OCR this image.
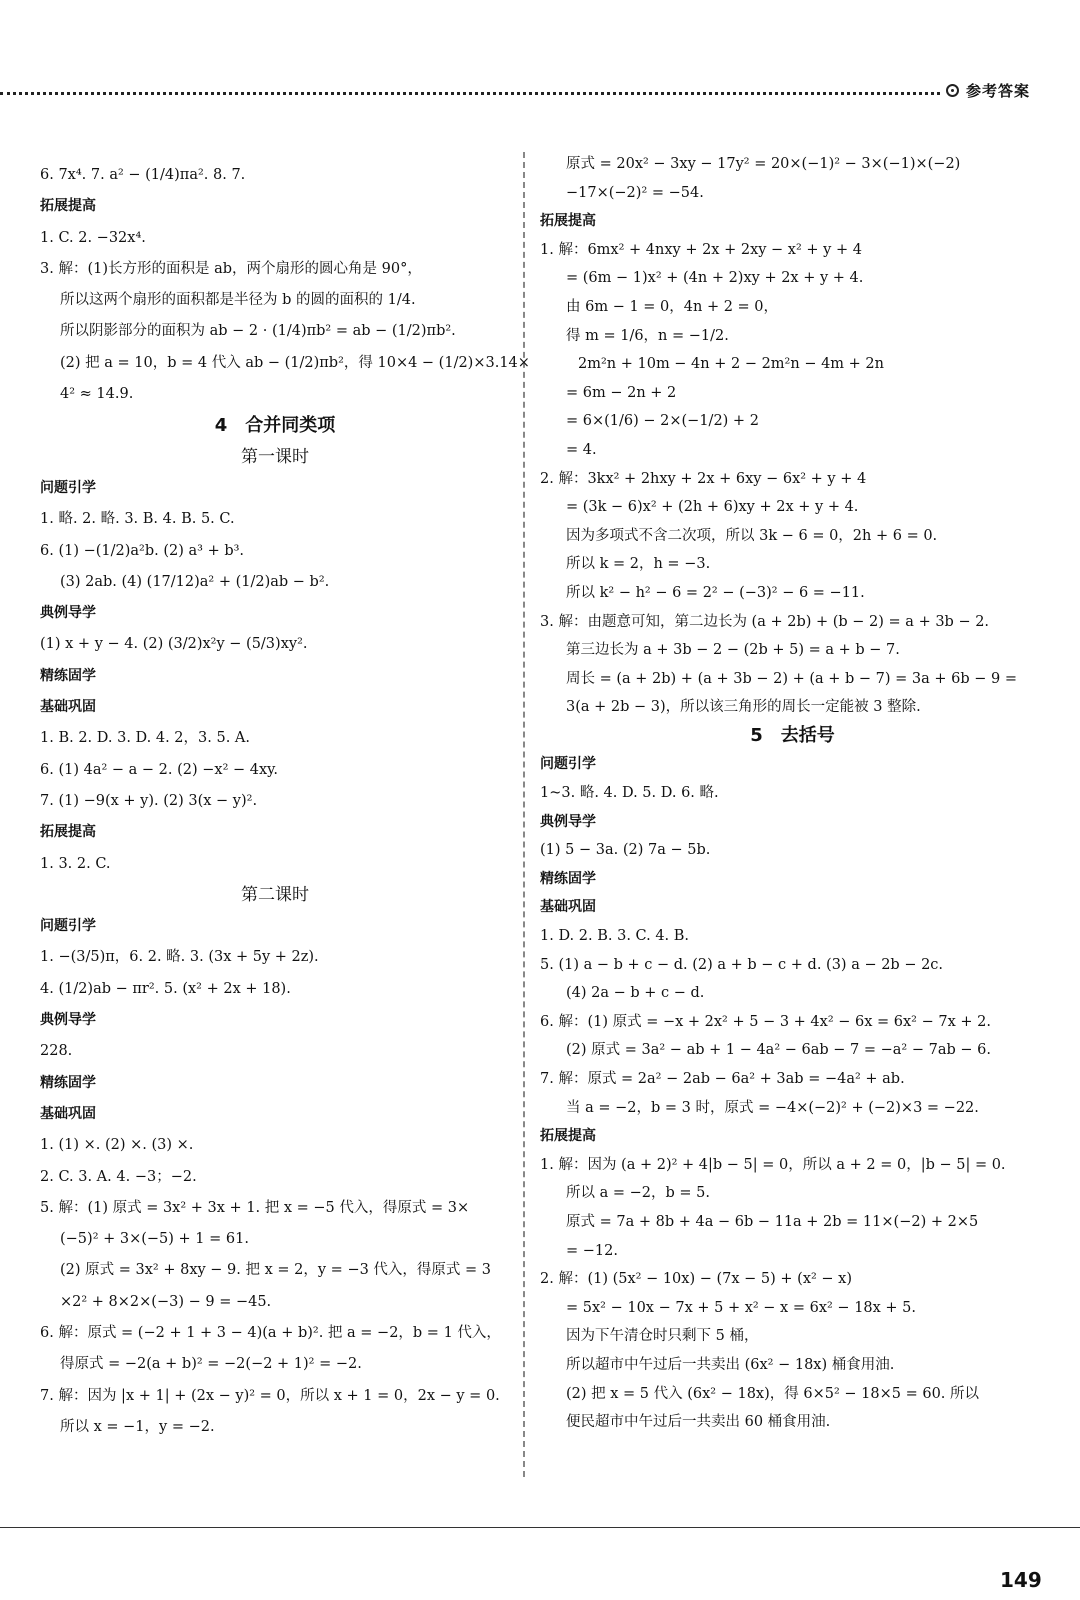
参考答案
6. 7x⁴. 7. a² − (1/4)πa². 8. 7.
拓展提高
1. C. 2. −32x⁴.
3. 解：(1)长方形的面积是 ab，两个扇形的圆心角是 90°，
所以这两个扇形的面积都是半径为 b 的圆的面积的 1/4.
所以阴影部分的面积为 ab − 2 · (1/4)πb² = ab − (1/2)πb².
(2) 把 a = 10，b = 4 代入 ab − (1/2)πb²，得 10×4 − (1/2)×3.14×
4² ≈ 14.9.
4　合并同类项
第一课时
问题引学
1. 略. 2. 略. 3. B. 4. B. 5. C.
6. (1) −(1/2)a²b. (2) a³ + b³.
(3) 2ab. (4) (17/12)a² + (1/2)ab − b².
典例导学
(1) x + y − 4. (2) (3/2)x²y − (5/3)xy².
精练固学
基础巩固
1. B. 2. D. 3. D. 4. 2，3. 5. A.
6. (1) 4a² − a − 2. (2) −x² − 4xy.
7. (1) −9(x + y). (2) 3(x − y)².
拓展提高
1. 3. 2. C.
第二课时
问题引学
1. −(3/5)π，6. 2. 略. 3. (3x + 5y + 2z).
4. (1/2)ab − πr². 5. (x² + 2x + 18).
典例导学
228.
精练固学
基础巩固
1. (1) ×. (2) ×. (3) ×.
2. C. 3. A. 4. −3；−2.
5. 解：(1) 原式 = 3x² + 3x + 1. 把 x = −5 代入，得原式 = 3×
(−5)² + 3×(−5) + 1 = 61.
(2) 原式 = 3x² + 8xy − 9. 把 x = 2，y = −3 代入，得原式 = 3
×2² + 8×2×(−3) − 9 = −45.
6. 解：原式 = (−2 + 1 + 3 − 4)(a + b)². 把 a = −2，b = 1 代入，
得原式 = −2(a + b)² = −2(−2 + 1)² = −2.
7. 解：因为 |x + 1| + (2x − y)² = 0，所以 x + 1 = 0，2x − y = 0.
所以 x = −1，y = −2.
原式 = 20x² − 3xy − 17y² = 20×(−1)² − 3×(−1)×(−2)
−17×(−2)² = −54.
拓展提高
1. 解：6mx² + 4nxy + 2x + 2xy − x² + y + 4
= (6m − 1)x² + (4n + 2)xy + 2x + y + 4.
由 6m − 1 = 0，4n + 2 = 0，
得 m = 1/6，n = −1/2.
2m²n + 10m − 4n + 2 − 2m²n − 4m + 2n
= 6m − 2n + 2
= 6×(1/6) − 2×(−1/2) + 2
= 4.
2. 解：3kx² + 2hxy + 2x + 6xy − 6x² + y + 4
= (3k − 6)x² + (2h + 6)xy + 2x + y + 4.
因为多项式不含二次项，所以 3k − 6 = 0，2h + 6 = 0.
所以 k = 2，h = −3.
所以 k² − h² − 6 = 2² − (−3)² − 6 = −11.
3. 解：由题意可知，第二边长为 (a + 2b) + (b − 2) = a + 3b − 2.
第三边长为 a + 3b − 2 − (2b + 5) = a + b − 7.
周长 = (a + 2b) + (a + 3b − 2) + (a + b − 7) = 3a + 6b − 9 =
3(a + 2b − 3)，所以该三角形的周长一定能被 3 整除.
5　去括号
问题引学
1~3. 略. 4. D. 5. D. 6. 略.
典例导学
(1) 5 − 3a. (2) 7a − 5b.
精练固学
基础巩固
1. D. 2. B. 3. C. 4. B.
5. (1) a − b + c − d. (2) a + b − c + d. (3) a − 2b − 2c.
(4) 2a − b + c − d.
6. 解：(1) 原式 = −x + 2x² + 5 − 3 + 4x² − 6x = 6x² − 7x + 2.
(2) 原式 = 3a² − ab + 1 − 4a² − 6ab − 7 = −a² − 7ab − 6.
7. 解：原式 = 2a² − 2ab − 6a² + 3ab = −4a² + ab.
当 a = −2，b = 3 时，原式 = −4×(−2)² + (−2)×3 = −22.
拓展提高
1. 解：因为 (a + 2)² + 4|b − 5| = 0，所以 a + 2 = 0，|b − 5| = 0.
所以 a = −2，b = 5.
原式 = 7a + 8b + 4a − 6b − 11a + 2b = 11×(−2) + 2×5
= −12.
2. 解：(1) (5x² − 10x) − (7x − 5) + (x² − x)
= 5x² − 10x − 7x + 5 + x² − x = 6x² − 18x + 5.
因为下午清仓时只剩下 5 桶，
所以超市中午过后一共卖出 (6x² − 18x) 桶食用油.
(2) 把 x = 5 代入 (6x² − 18x)，得 6×5² − 18×5 = 60. 所以
便民超市中午过后一共卖出 60 桶食用油.
149
